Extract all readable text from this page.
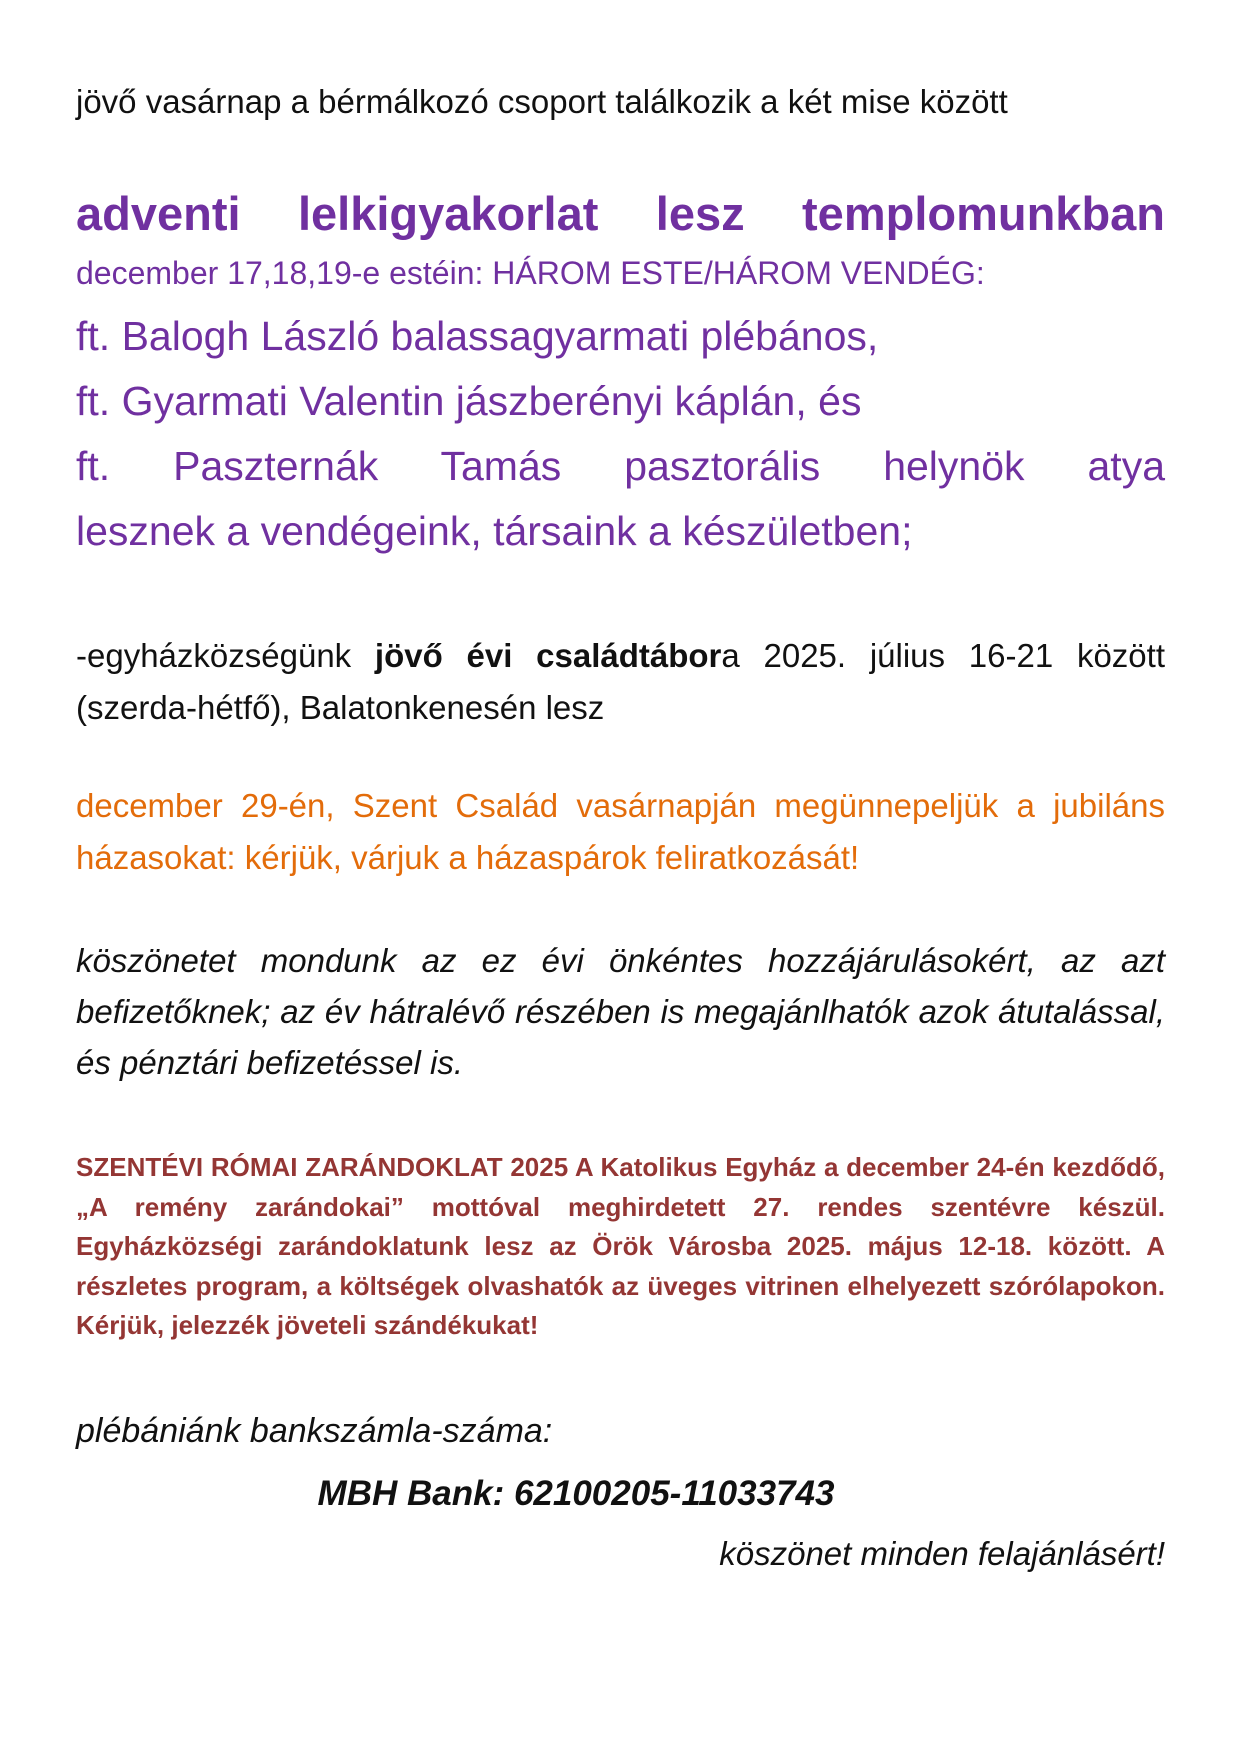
jövő vasárnap a bérmálkozó csoport találkozik a két mise között

adventi lelkigyakorlat lesz templomunkban

december 17,18,19-e estéin: HÁROM ESTE/HÁROM VENDÉG:

ft. Balogh László balassagyarmati plébános,

ft. Gyarmati Valentin jászberényi káplán, és

ft. Paszternák Tamás pasztorális helynök atya

lesznek a vendégeink, társaink a készületben;

-egyházközségünk jövő évi családtábora 2025. július 16-21 között (szerda-hétfő), Balatonkenesén lesz

december 29-én, Szent Család vasárnapján megünnepeljük a jubiláns házasokat: kérjük, várjuk a házaspárok feliratkozását!

köszönetet mondunk az ez évi önkéntes hozzájárulásokért, az azt befizetőknek; az év hátralévő részében is megajánlhatók azok átutalással, és pénztári befizetéssel is.

SZENTÉVI RÓMAI ZARÁNDOKLAT 2025 A Katolikus Egyház a december 24-én kezdődő, „A remény zarándokai” mottóval meghirdetett 27. rendes szentévre készül. Egyházközségi zarándoklatunk lesz az Örök Városba 2025. május 12-18. között. A részletes program, a költségek olvashatók az üveges vitrinen elhelyezett szórólapokon. Kérjük, jelezzék jöveteli szándékukat!

plébániánk bankszámla-száma:

MBH Bank: 62100205-11033743

köszönet minden felajánlásért!
